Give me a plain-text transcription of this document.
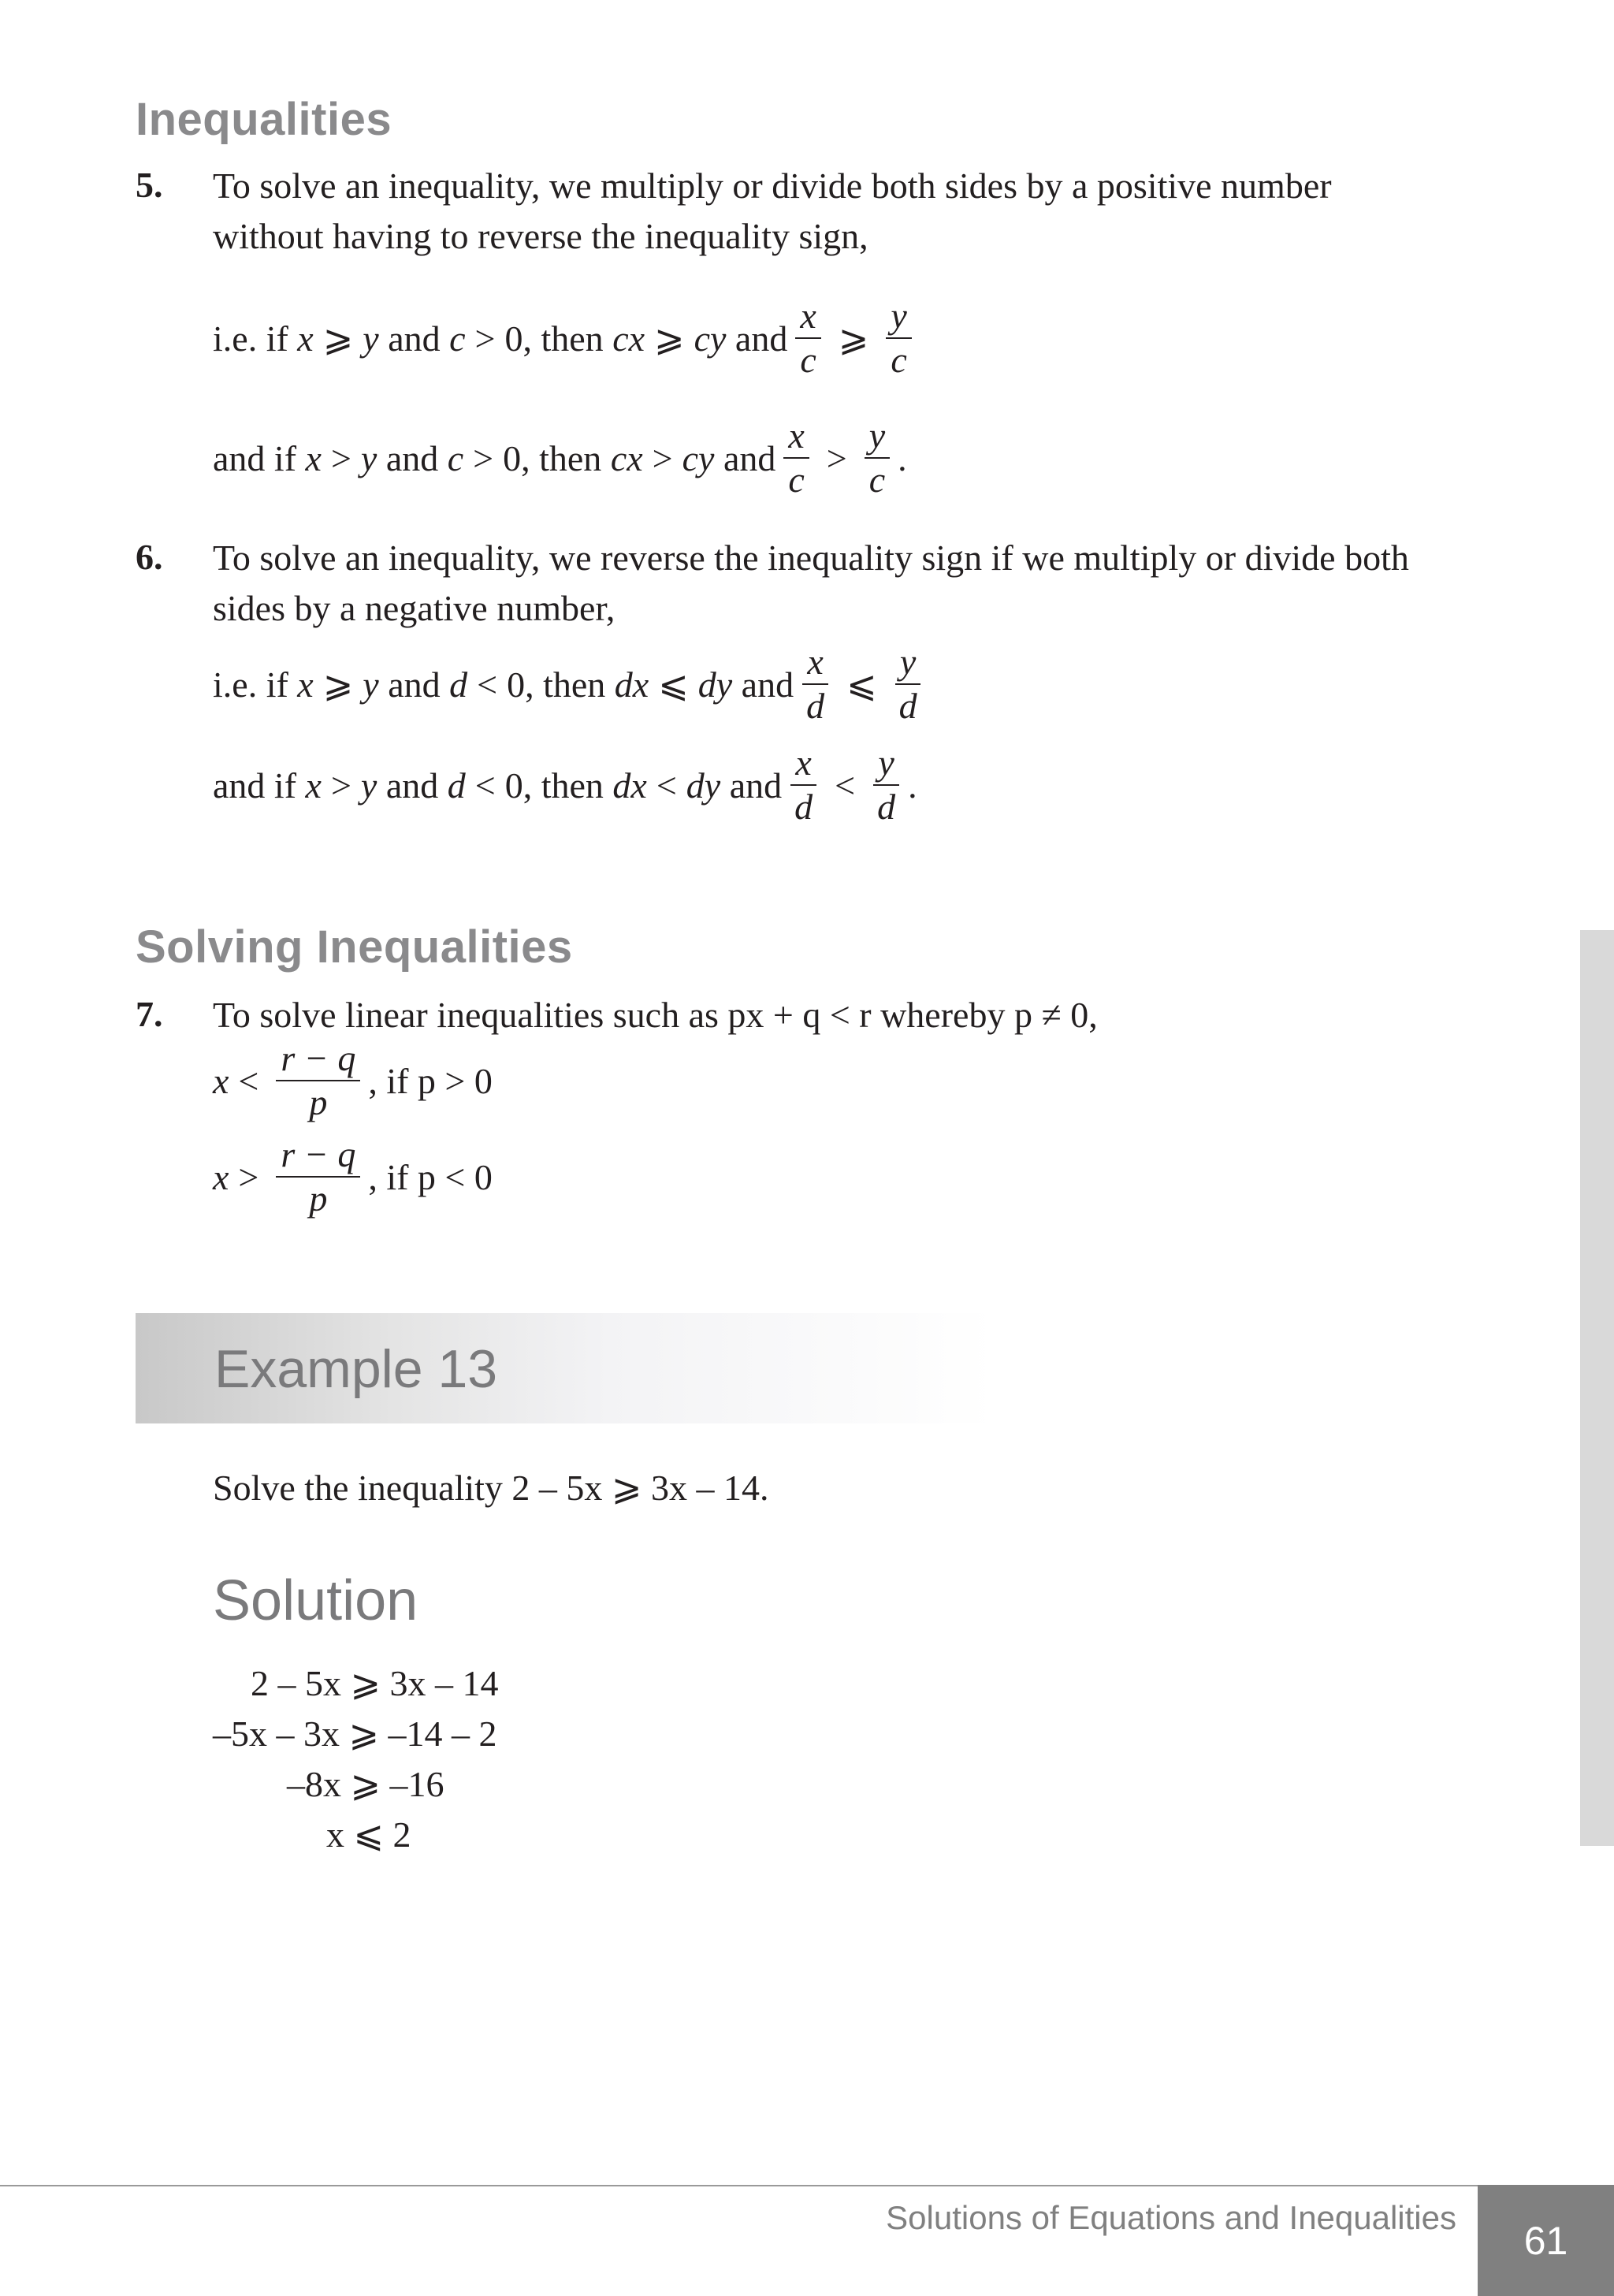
Inequalities
5. To solve an inequality, we multiply or divide both sides by a positive number
without having to reverse the inequality sign,
i.e. if x ⩾ y and c > 0, then cx ⩾ cy and $\frac{x}{c}$ ⩾ $\frac{y}{c}$
and if x > y and c > 0, then cx > cy and $\frac{x}{c} > \frac{y}{c}$ .
6. To solve an inequality, we reverse the inequality sign if we multiply or divide both
sides by a negative number,
i.e. if x ⩾ y and d < 0, then dx ⩽ dy and $\frac{x}{d}$ ⩽ $\frac{y}{d}$
and if x > y and d < 0, then dx < dy and $\frac{x}{d} < \frac{y}{d}$ .
Solving Inequalities
7. To solve linear inequalities such as px + q < r whereby p ≠ 0,
$x < \frac{r - q}{p}$ , if p > 0
$x > \frac{r - q}{p}$ , if p < 0
Example 13
Solve the inequality 2 – 5x ⩾ 3x – 14.
Solution
2 – 5x ⩾ 3x – 14
–5x – 3x ⩾ –14 – 2
–8x ⩾ –16
x ⩽ 2
Solutions of Equations and Inequalities
61
